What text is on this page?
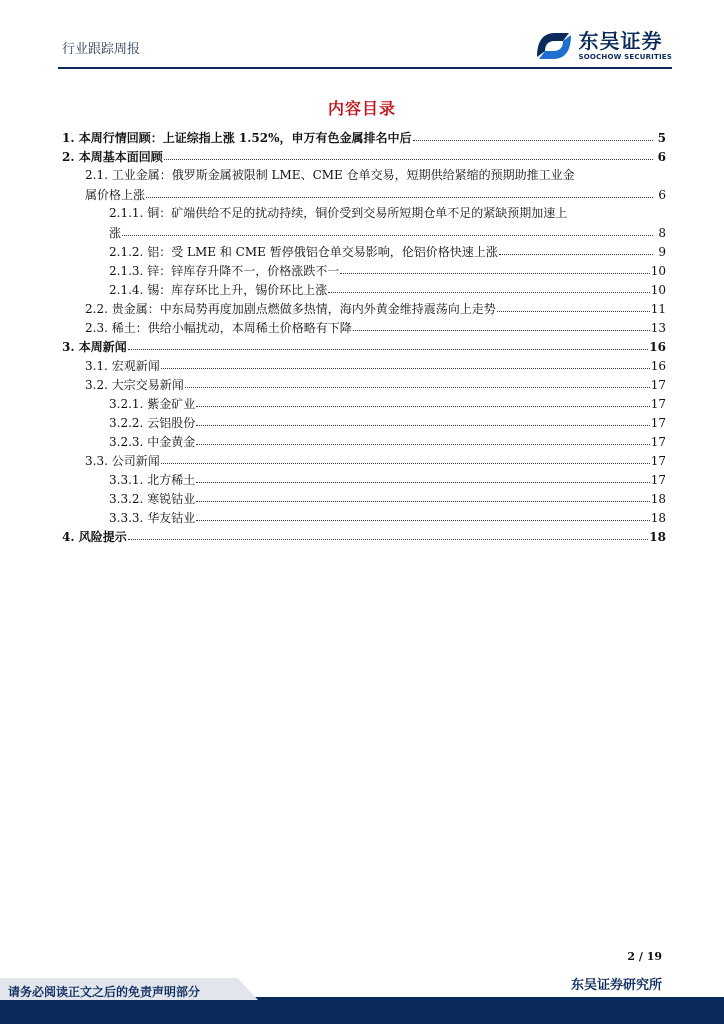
行业跟踪周报	东吴证券
SOOCHOW SECURITIES
内容目录
1. 本周行情回顾：上证综指上涨 1.52%，申万有色金属排名中后	5
2. 本周基本面回顾	6
2.1. 工业金属：俄罗斯金属被限制 LME、CME 仓单交易，短期供给紧缩的预期助推工业金
属价格上涨	6
2.1.1. 铜：矿端供给不足的扰动持续，铜价受到交易所短期仓单不足的紧缺预期加速上
涨	8
2.1.2. 铝：受 LME 和 CME 暂停俄铝仓单交易影响，伦铝价格快速上涨	9
2.1.3. 锌：锌库存升降不一，价格涨跌不一	10
2.1.4. 锡：库存环比上升，锡价环比上涨	10
2.2. 贵金属：中东局势再度加剧点燃做多热情，海内外黄金维持震荡向上走势	11
2.3. 稀土：供给小幅扰动，本周稀土价格略有下降	13
3. 本周新闻	16
3.1. 宏观新闻	16
3.2. 大宗交易新闻	17
3.2.1. 紫金矿业	17
3.2.2. 云铝股份	17
3.2.3. 中金黄金	17
3.3. 公司新闻	17
3.3.1. 北方稀土	17
3.3.2. 寒锐钴业	18
3.3.3. 华友钴业	18
4. 风险提示	18
2 / 19
东吴证券研究所
请务必阅读正文之后的免责声明部分
